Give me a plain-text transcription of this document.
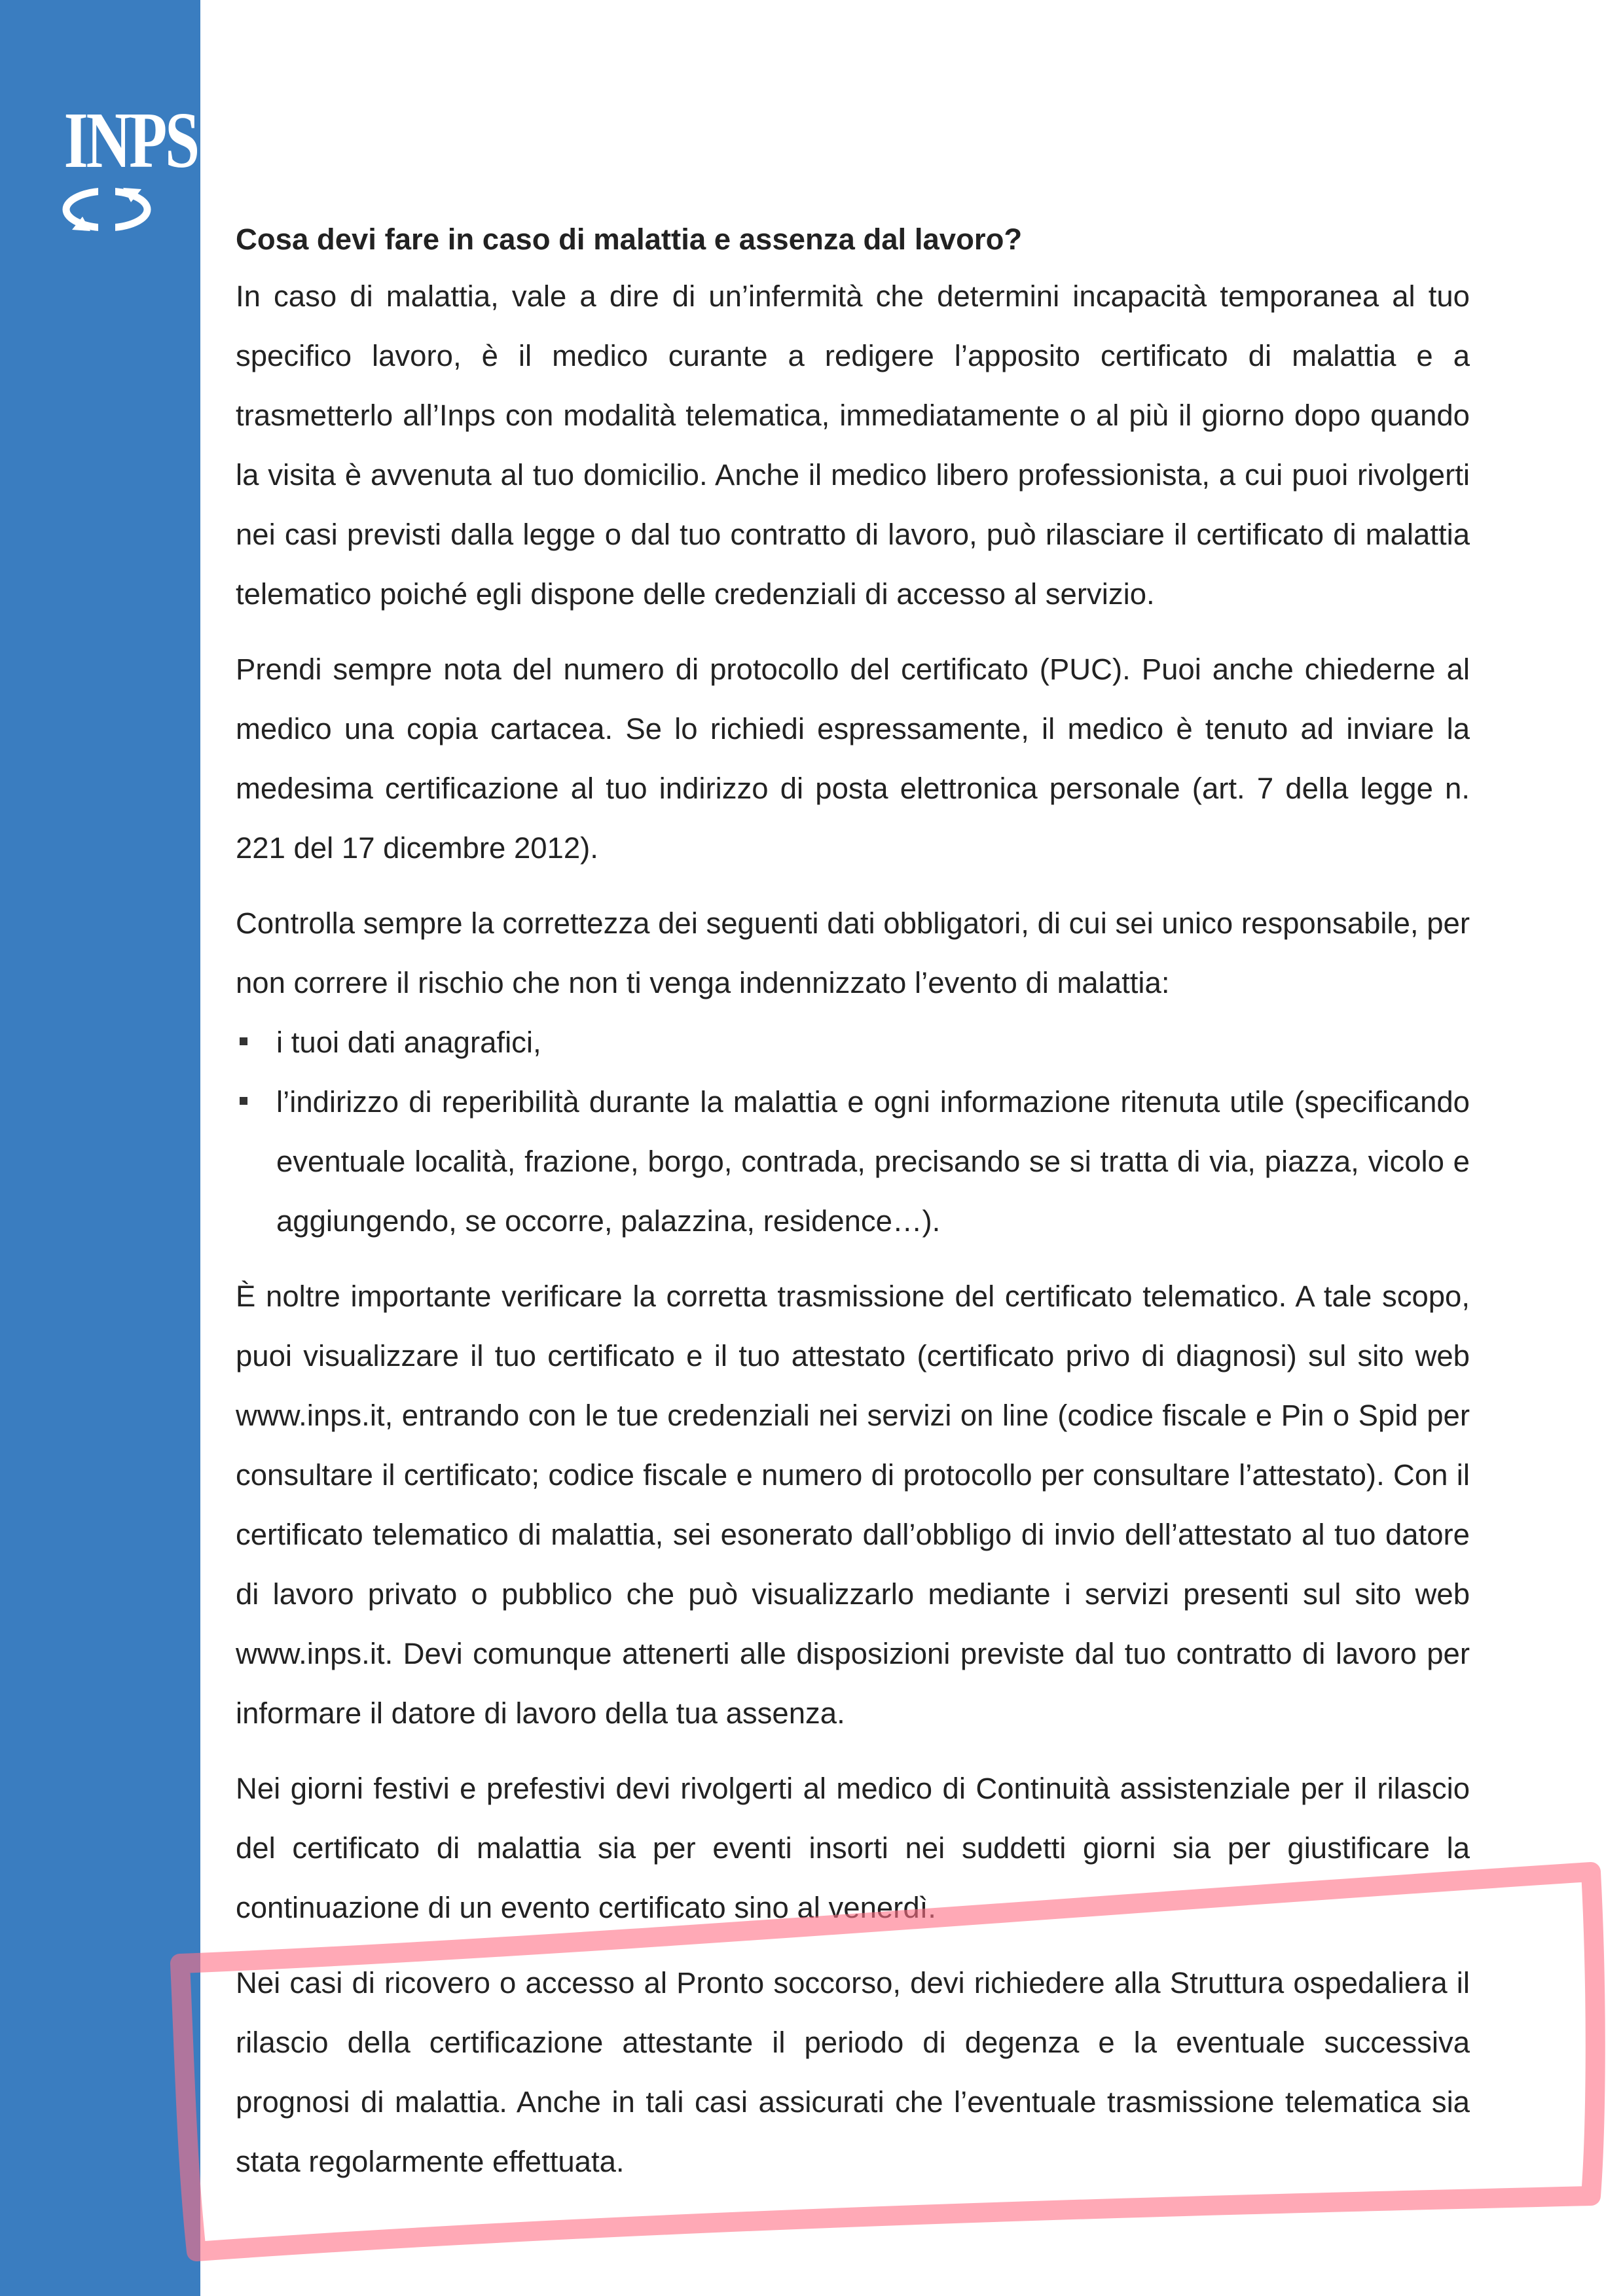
INPS

Cosa devi fare in caso di malattia e assenza dal lavoro?

In caso di malattia, vale a dire di un’infermità che determini incapacità temporanea al tuo specifico lavoro, è il medico curante a redigere l’apposito certificato di malattia e a trasmetterlo all’Inps con modalità telematica, immediatamente o al più il giorno dopo quando la visita è avvenuta al tuo domicilio. Anche il medico libero professionista, a cui puoi rivolgerti nei casi previsti dalla legge o dal tuo contratto di lavoro, può rilasciare il certificato di malattia telematico poiché egli dispone delle credenziali di accesso al servizio.

Prendi sempre nota del numero di protocollo del certificato (PUC). Puoi anche chiederne al medico una copia cartacea. Se lo richiedi espressamente, il medico è tenuto ad inviare la medesima certificazione al tuo indirizzo di posta elettronica personale (art. 7 della legge n. 221 del 17 dicembre 2012).

Controlla sempre la correttezza dei seguenti dati obbligatori, di cui sei unico responsabile, per non correre il rischio che non ti venga indennizzato l’evento di malattia:

i tuoi dati anagrafici,
l’indirizzo di reperibilità durante la malattia e ogni informazione ritenuta utile (specificando eventuale località, frazione, borgo, contrada, precisando se si tratta di via, piazza, vicolo e aggiungendo, se occorre, palazzina, residence…).

È noltre importante verificare la corretta trasmissione del certificato telematico. A tale scopo, puoi visualizzare il tuo certificato e il tuo attestato (certificato privo di diagnosi) sul sito web www.inps.it, entrando con le tue credenziali nei servizi on line (codice fiscale e Pin o Spid per consultare il certificato; codice fiscale e numero di protocollo per consultare l’attestato). Con il certificato telematico di malattia, sei esonerato dall’obbligo di invio dell’attestato al tuo datore di lavoro privato o pubblico che può visualizzarlo mediante i servizi presenti sul sito web www.inps.it. Devi comunque attenerti alle disposizioni previste dal tuo contratto di lavoro per informare il datore di lavoro della tua assenza.

Nei giorni festivi e prefestivi devi rivolgerti al medico di Continuità assistenziale per il rilascio del certificato di malattia sia per eventi insorti nei suddetti giorni sia per giustificare la continuazione di un evento certificato sino al venerdì.

Nei casi di ricovero o accesso al Pronto soccorso, devi richiedere alla Struttura ospedaliera il rilascio della certificazione attestante il periodo di degenza e la eventuale successiva prognosi di malattia. Anche in tali casi assicurati che l’eventuale trasmissione telematica sia stata regolarmente effettuata.
